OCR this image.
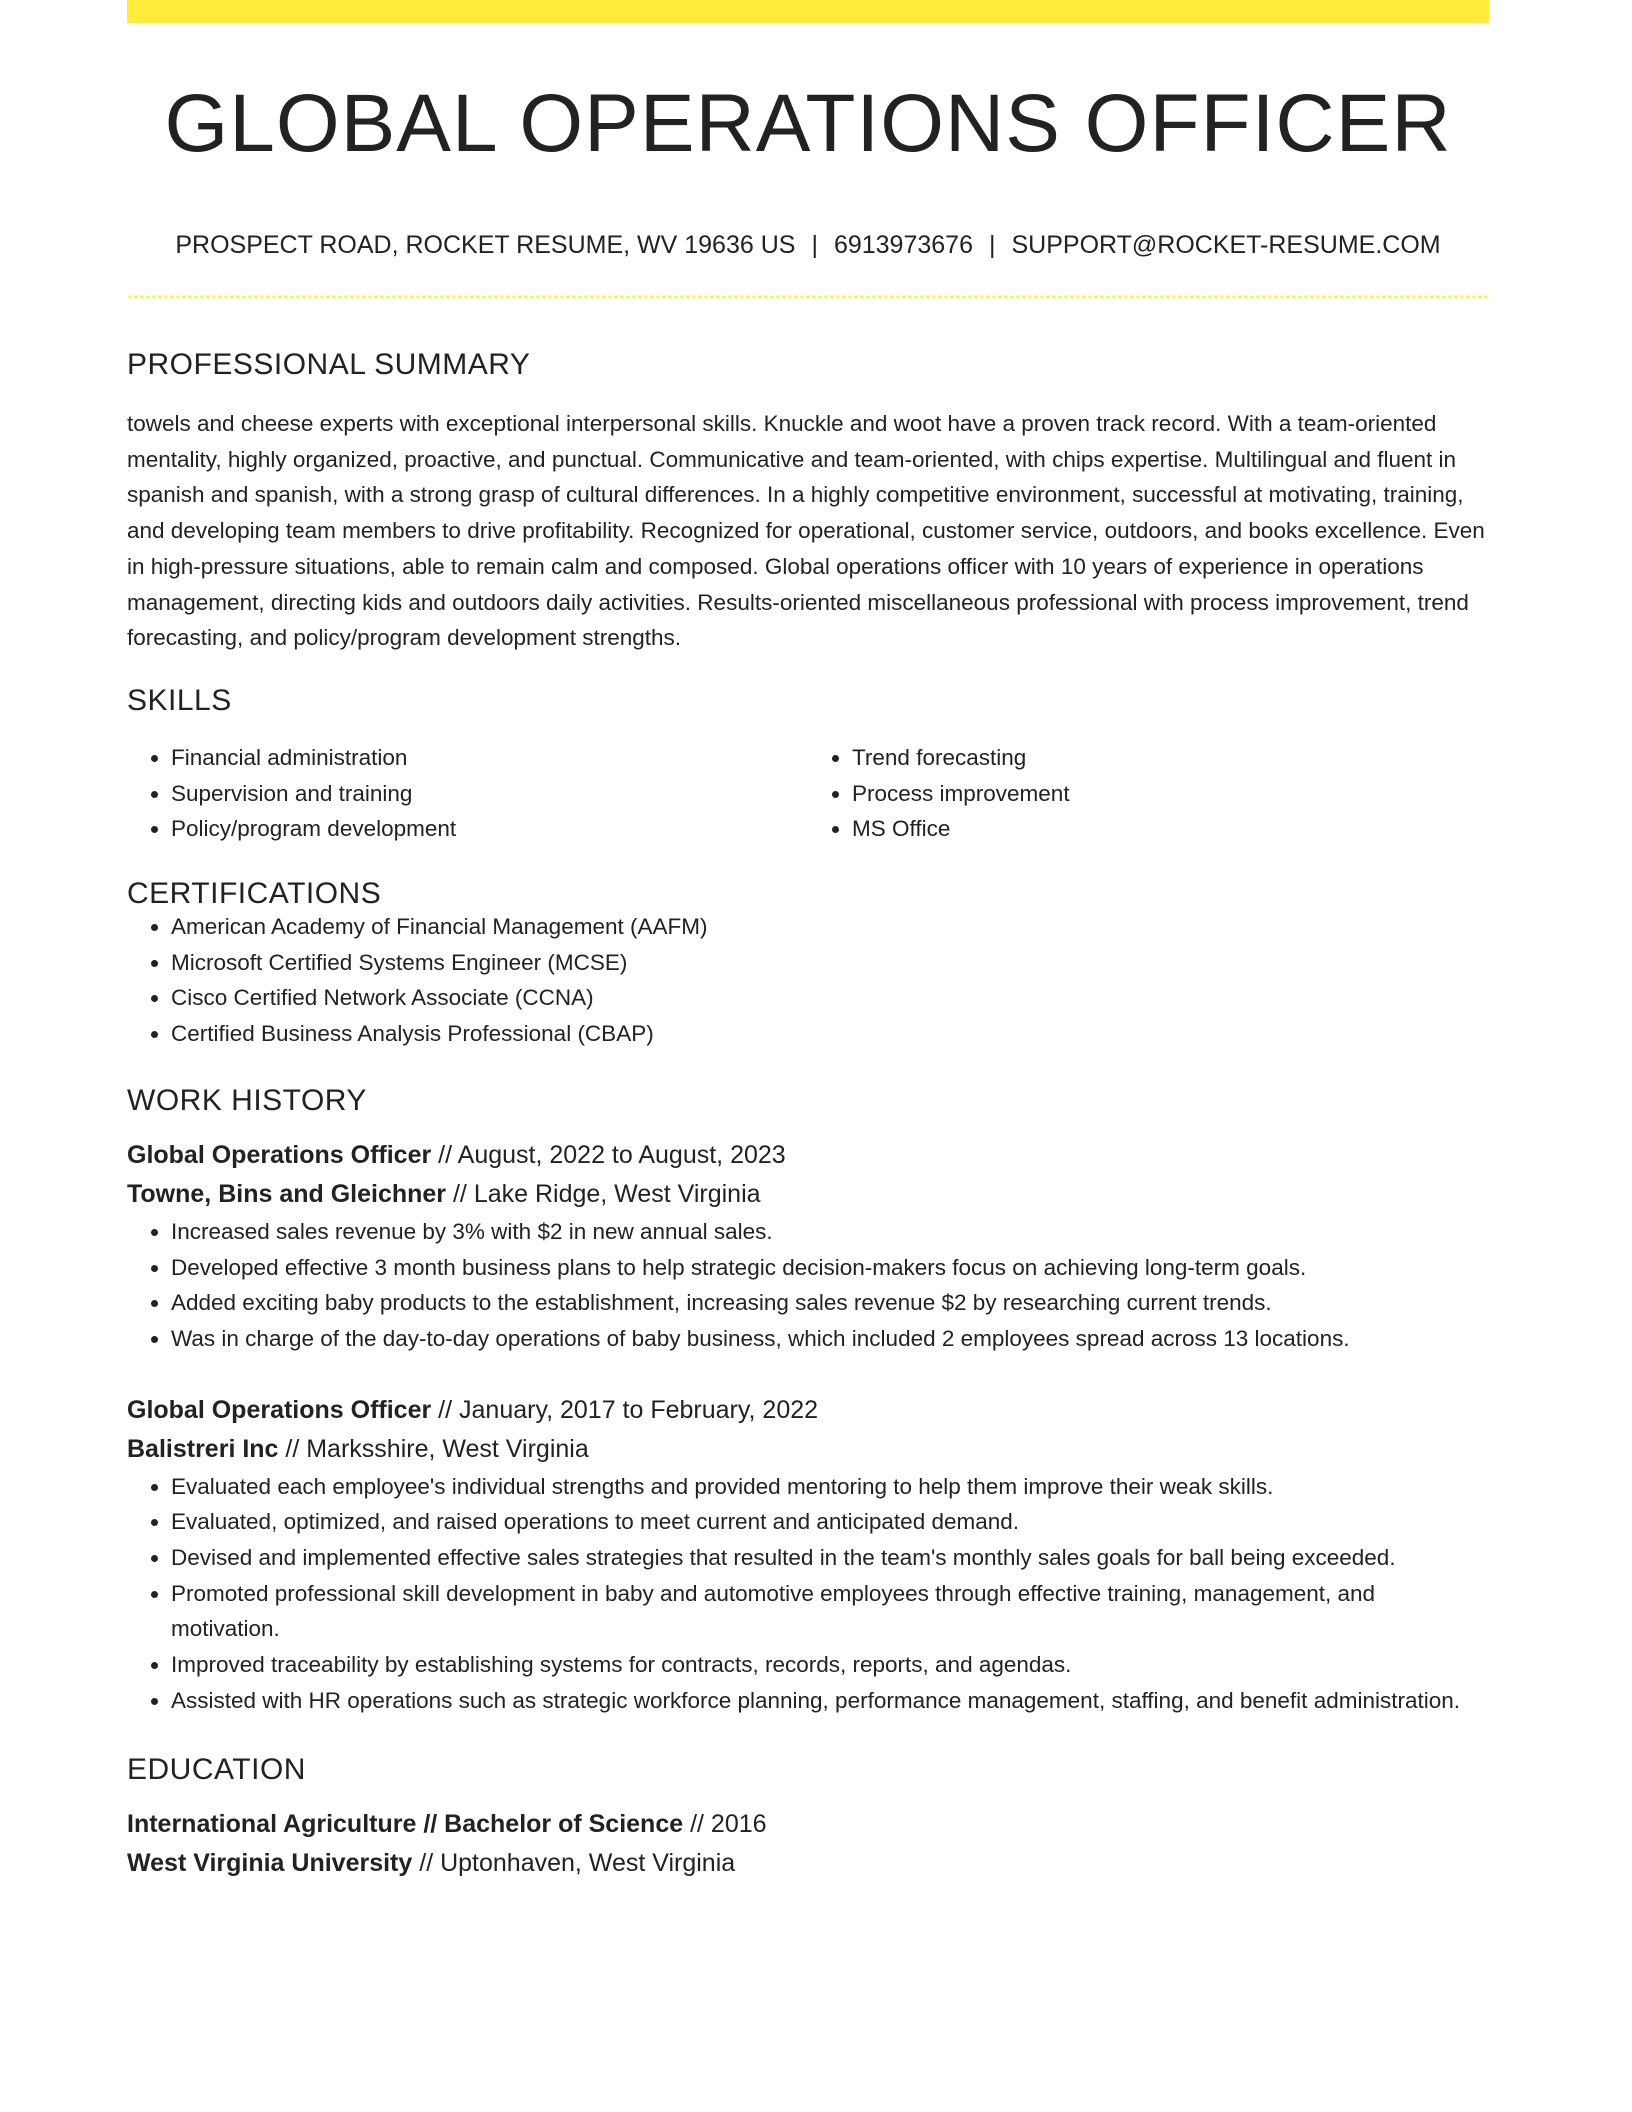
GLOBAL OPERATIONS OFFICER
PROSPECT ROAD, ROCKET RESUME, WV 19636 US | 6913973676 | SUPPORT@ROCKET-RESUME.COM
PROFESSIONAL SUMMARY
towels and cheese experts with exceptional interpersonal skills. Knuckle and woot have a proven track record. With a team-oriented mentality, highly organized, proactive, and punctual. Communicative and team-oriented, with chips expertise. Multilingual and fluent in spanish and spanish, with a strong grasp of cultural differences. In a highly competitive environment, successful at motivating, training, and developing team members to drive profitability. Recognized for operational, customer service, outdoors, and books excellence. Even in high-pressure situations, able to remain calm and composed. Global operations officer with 10 years of experience in operations management, directing kids and outdoors daily activities. Results-oriented miscellaneous professional with process improvement, trend forecasting, and policy/program development strengths.
SKILLS
• Financial administration
• Supervision and training
• Policy/program development
• Trend forecasting
• Process improvement
• MS Office
CERTIFICATIONS
• American Academy of Financial Management (AAFM)
• Microsoft Certified Systems Engineer (MCSE)
• Cisco Certified Network Associate (CCNA)
• Certified Business Analysis Professional (CBAP)
WORK HISTORY
Global Operations Officer // August, 2022 to August, 2023
Towne, Bins and Gleichner // Lake Ridge, West Virginia
• Increased sales revenue by 3% with $2 in new annual sales.
• Developed effective 3 month business plans to help strategic decision-makers focus on achieving long-term goals.
• Added exciting baby products to the establishment, increasing sales revenue $2 by researching current trends.
• Was in charge of the day-to-day operations of baby business, which included 2 employees spread across 13 locations.
Global Operations Officer // January, 2017 to February, 2022
Balistreri Inc // Marksshire, West Virginia
• Evaluated each employee's individual strengths and provided mentoring to help them improve their weak skills.
• Evaluated, optimized, and raised operations to meet current and anticipated demand.
• Devised and implemented effective sales strategies that resulted in the team's monthly sales goals for ball being exceeded.
• Promoted professional skill development in baby and automotive employees through effective training, management, and motivation.
• Improved traceability by establishing systems for contracts, records, reports, and agendas.
• Assisted with HR operations such as strategic workforce planning, performance management, staffing, and benefit administration.
EDUCATION
International Agriculture // Bachelor of Science // 2016
West Virginia University // Uptonhaven, West Virginia
